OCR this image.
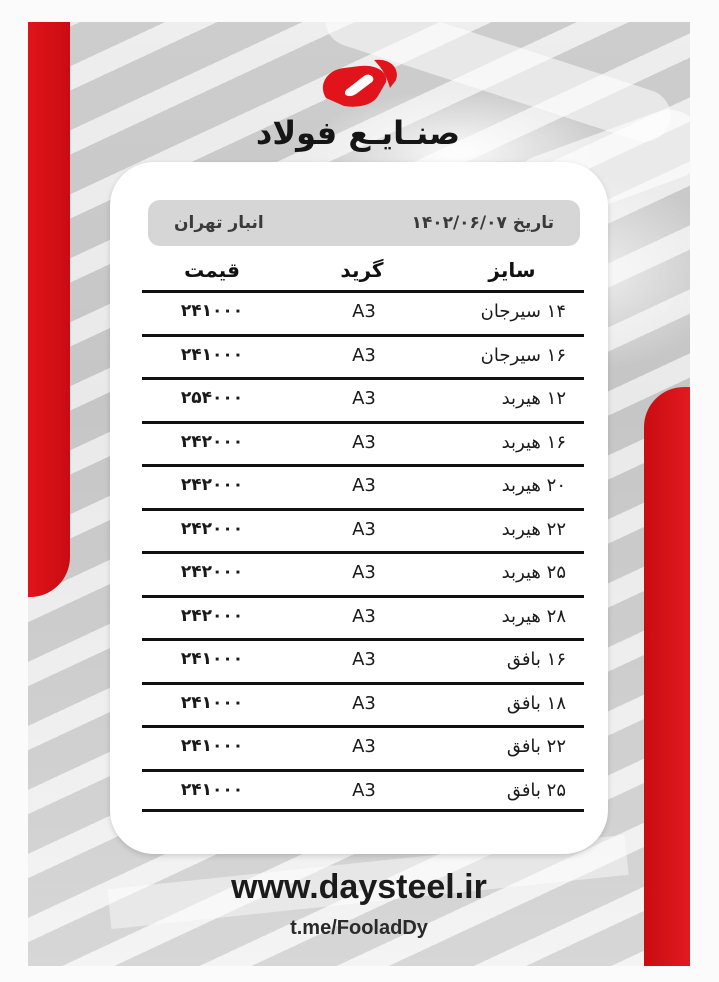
صنـایـع فولاد
تاریخ ۱۴۰۲/۰۶/۰۷
انبار تهران
سایز
گرید
قیمت
۱۴ سیرجان
A3
۲۴۱۰۰۰
۱۶ سیرجان
A3
۲۴۱۰۰۰
۱۲ هیربد
A3
۲۵۴۰۰۰
۱۶ هیربد
A3
۲۴۲۰۰۰
۲۰ هیربد
A3
۲۴۲۰۰۰
۲۲ هیربد
A3
۲۴۲۰۰۰
۲۵ هیربد
A3
۲۴۲۰۰۰
۲۸ هیربد
A3
۲۴۲۰۰۰
۱۶ بافق
A3
۲۴۱۰۰۰
۱۸ بافق
A3
۲۴۱۰۰۰
۲۲ بافق
A3
۲۴۱۰۰۰
۲۵ بافق
A3
۲۴۱۰۰۰
www.daysteel.ir
t.me/FooladDy
